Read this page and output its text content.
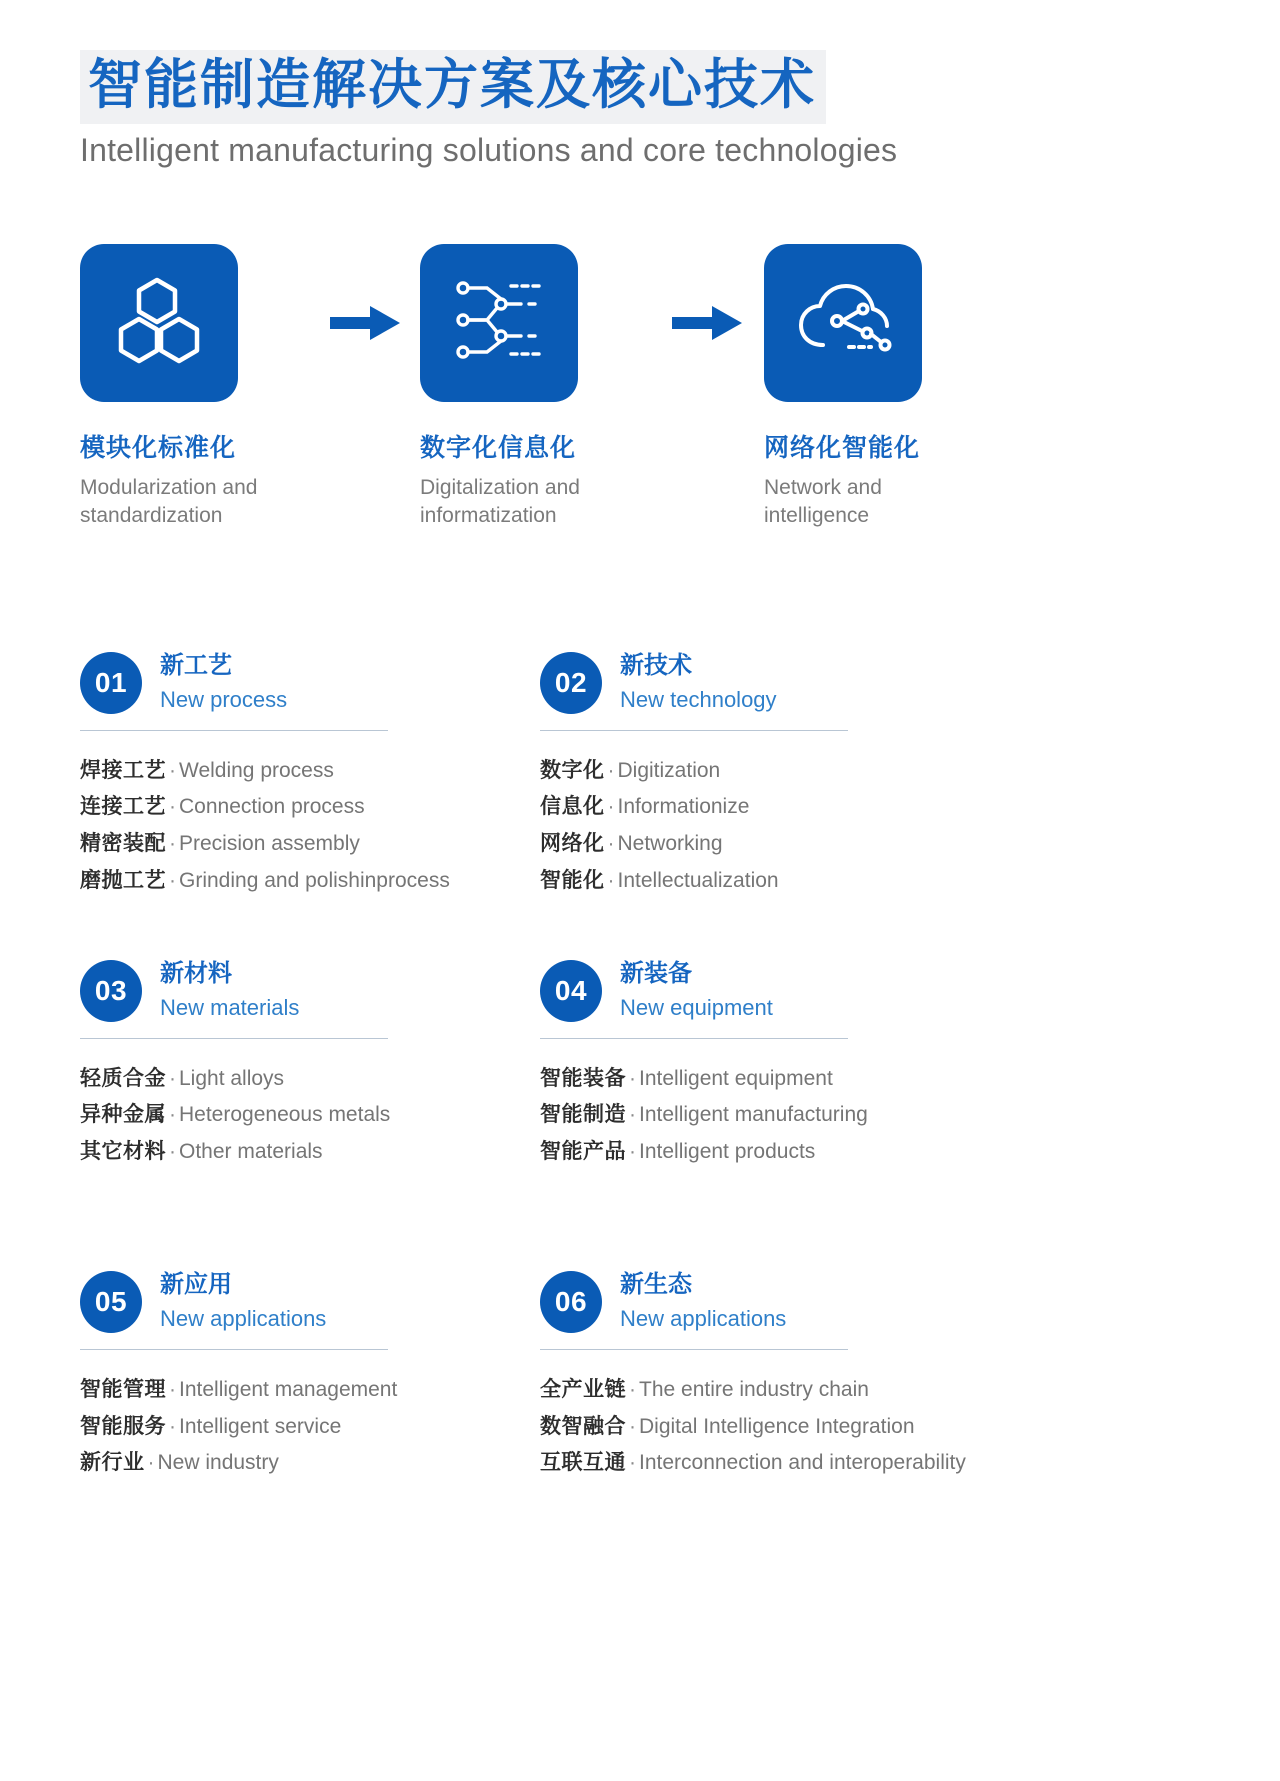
智能制造解决方案及核心技术
Intelligent manufacturing solutions and core technologies
模块化标准化
Modularization and standardization
数字化信息化
Digitalization and informatization
网络化智能化
Network and intelligence
01
新工艺
New process
焊接工艺 · Welding process
连接工艺 · Connection process
精密装配 · Precision assembly
磨抛工艺 · Grinding and polishinprocess
02
新技术
New technology
数字化 · Digitization
信息化 · Informationize
网络化 · Networking
智能化 · Intellectualization
03
新材料
New materials
轻质合金 · Light alloys
异种金属 · Heterogeneous metals
其它材料 · Other materials
04
新装备
New equipment
智能装备 · Intelligent equipment
智能制造 · Intelligent manufacturing
智能产品 · Intelligent products
05
新应用
New applications
智能管理 · Intelligent management
智能服务 · Intelligent service
新行业 · New industry
06
新生态
New applications
全产业链 · The entire industry chain
数智融合 · Digital Intelligence Integration
互联互通 · Interconnection and interoperability
